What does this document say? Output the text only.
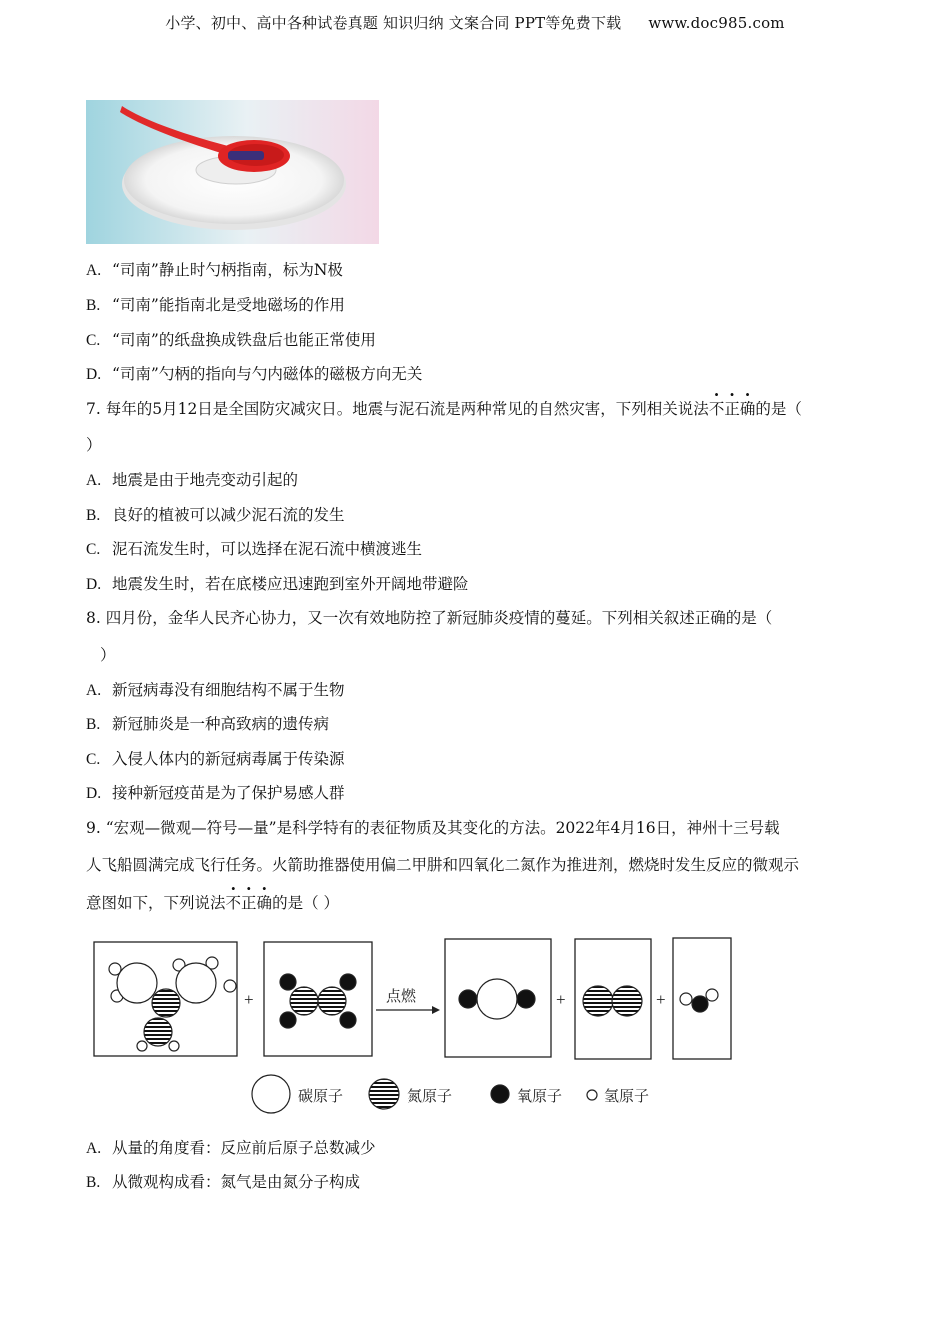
小学、初中、高中各种试卷真题 知识归纳 文案合同 PPT等免费下载 www.doc985.com
A. “司南”静止时勺柄指南，标为N极
B. “司南”能指南北是受地磁场的作用
C. “司南”的纸盘换成铁盘后也能正常使用
D. “司南”勺柄的指向与勺内磁体的磁极方向无关
7. 每年的5月12日是全国防灾减灾日。地震与泥石流是两种常见的自然灾害，下列相关说法不正确的是（
）
A. 地震是由于地壳变动引起的
B. 良好的植被可以减少泥石流的发生
C. 泥石流发生时，可以选择在泥石流中横渡逃生
D. 地震发生时，若在底楼应迅速跑到室外开阔地带避险
8. 四月份，金华人民齐心协力，又一次有效地防控了新冠肺炎疫情的蔓延。下列相关叙述正确的是（
）
A. 新冠病毒没有细胞结构不属于生物
B. 新冠肺炎是一种高致病的遗传病
C. 入侵人体内的新冠病毒属于传染源
D. 接种新冠疫苗是为了保护易感人群
9. “宏观—微观—符号—量”是科学特有的表征物质及其变化的方法。2022年4月16日，神州十三号载
人飞船圆满完成飞行任务。火箭助推器使用偏二甲肼和四氧化二氮作为推进剂，燃烧时发生反应的微观示
意图如下，下列说法不正确的是（ ）
+	点燃	+	+
碳原子	氮原子	氧原子	氢原子
A. 从量的角度看：反应前后原子总数减少
B. 从微观构成看：氮气是由氮分子构成
